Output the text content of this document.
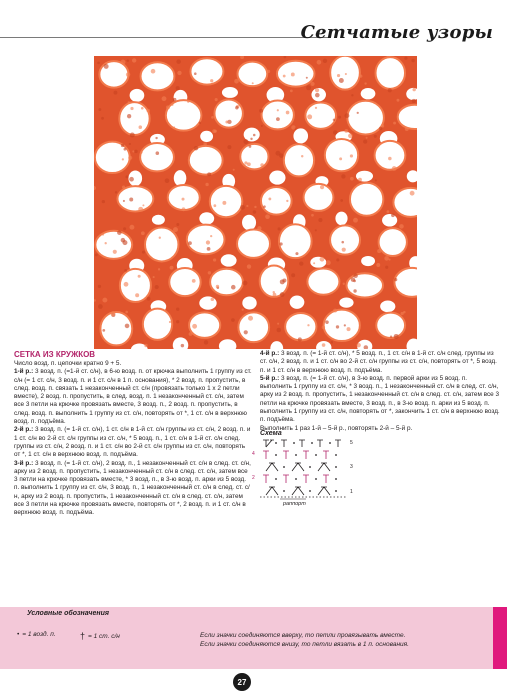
Сетчатые узоры
СЕТКА ИЗ КРУЖКОВ

Число возд. п. цепочки кратно 9 + 5.

1-й р.: 3 возд. п. (=1-й ст. с/н), в 6-ю возд. п. от крючка выполнить 1 группу из ст. с/н (= 1 ст. с/н, 3 возд. п. и 1 ст. с/н в 1 п. основания), * 2 возд. п. пропустить, в след. возд. п. связать 1 незаконченный ст. с/н (провязать только 1 х 2 петли вместе), 2 возд. п. пропустить, в след. возд. п. 1 незаконченный ст. с/н, затем все 3 петли на крючке провязать вместе, 3 возд. п., 2 возд. п. пропустить, в след. возд. п. выполнить 1 группу из ст. с/н, повторять от *, 1 ст. с/н в верхнюю возд. п. подъёма.

2-й р.: 3 возд. п. (= 1-й ст. с/н), 1 ст. с/н в 1-й ст. с/н группы из ст. с/н, 2 возд. п. и 1 ст. с/н во 2-й ст. с/н группы из ст. с/н, * 5 возд. п., 1 ст. с/н в 1-й ст. с/н след. группы из ст. с/н, 2 возд. п. и 1 ст. с/н во 2-й ст. с/н группы из ст. с/н, повторять от *, 1 ст. с/н в верхнюю возд. п. подъёма.

3-й р.: 3 возд. п. (= 1-й ст. с/н), 2 возд. п., 1 незаконченный ст. с/н в след. ст. с/н, арку из 2 возд. п. пропустить, 1 незаконченный ст. с/н в след. ст. с/н, затем все 3 петли на крючке провязать вместе, * 3 возд. п., в 3-ю возд. п. арки из 5 возд. п. выполнить 1 группу из ст. с/н, 3 возд. п., 1 незаконченный ст. с/н в след. ст. с/н, арку из 2 возд. п. пропустить, 1 незаконченный ст. с/н в след. ст. с/н, затем все 3 петли на крючке провязать вместе, повторять от *, 2 возд. п. и 1 ст. с/н в верхнюю возд. п. подъёма.

4-й р.: 3 возд. п. (= 1-й ст. с/н), * 5 возд. п., 1 ст. с/н в 1-й ст. с/н след. группы из ст. с/н, 2 возд. п. и 1 ст. с/н во 2-й ст. с/н группы из ст. с/н, повторять от *, 5 возд. п. и 1 ст. с/н в верхнюю возд. п. подъёма.

5-й р.: 3 возд. п. (= 1-й ст. с/н), в 3-ю возд. п. первой арки из 5 возд. п. выполнить 1 группу из ст. с/н, * 3 возд. п., 1 незаконченный ст. с/н в след. ст. с/н, арку из 2 возд. п. пропустить, 1 незаконченный ст. с/н в след. ст. с/н, затем все 3 петли на крючке провязать вместе, 3 возд. п., в 3-ю возд. п. арки из 5 возд. п. выполнить 1 группу из ст. с/н, повторять от *, закончить 1 ст. с/н в верхнюю возд. п. подъёма.

Выполнить 1 раз 1-й – 5-й р., повторять 2-й – 5-й р.

Схема
5
4
3
2
1
раппорт
Условные обозначения
• = 1 возд. п.	† = 1 ст. с/н	Если значки соединяются вверху, то петли провязывать вместе.

Если значки соединяются внизу, то петли вязать в 1 п. основания.

27
